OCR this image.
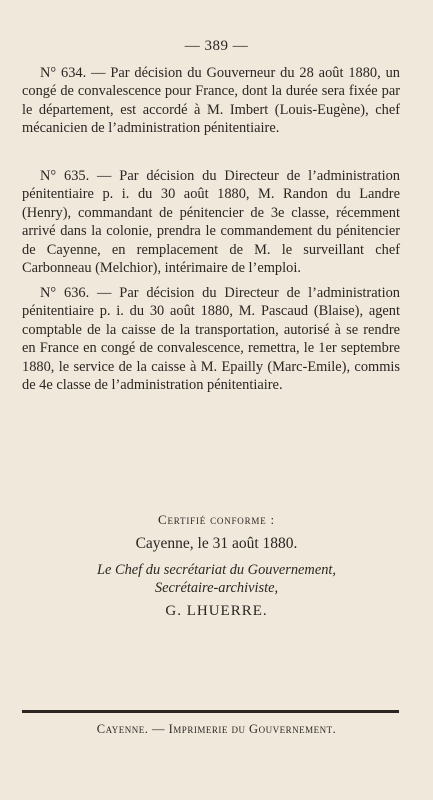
— 389 —

N° 634. — Par décision du Gouverneur du 28 août 1880, un congé de convalescence pour France, dont la durée sera fixée par le département, est accordé à M. Imbert (Louis-Eugène), chef mécanicien de l’administration pénitentiaire.

N° 635. — Par décision du Directeur de l’administration pénitentiaire p. i. du 30 août 1880, M. Randon du Landre (Henry), commandant de pénitencier de 3e classe, récemment arrivé dans la colonie, prendra le commandement du pénitencier de Cayenne, en remplacement de M. le surveillant chef Carbonneau (Melchior), intérimaire de l’emploi.

N° 636. — Par décision du Directeur de l’administration pénitentiaire p. i. du 30 août 1880, M. Pascaud (Blaise), agent comptable de la caisse de la transportation, autorisé à se rendre en France en congé de convalescence, remettra, le 1er septembre 1880, le service de la caisse à M. Epailly (Marc-Emile), commis de 4e classe de l’administration pénitentiaire.

Certifié conforme :
Cayenne, le 31 août 1880.
Le Chef du secrétariat du Gouvernement,
Secrétaire-archiviste,
G. LHUERRE.
Cayenne. — Imprimerie du Gouvernement.
